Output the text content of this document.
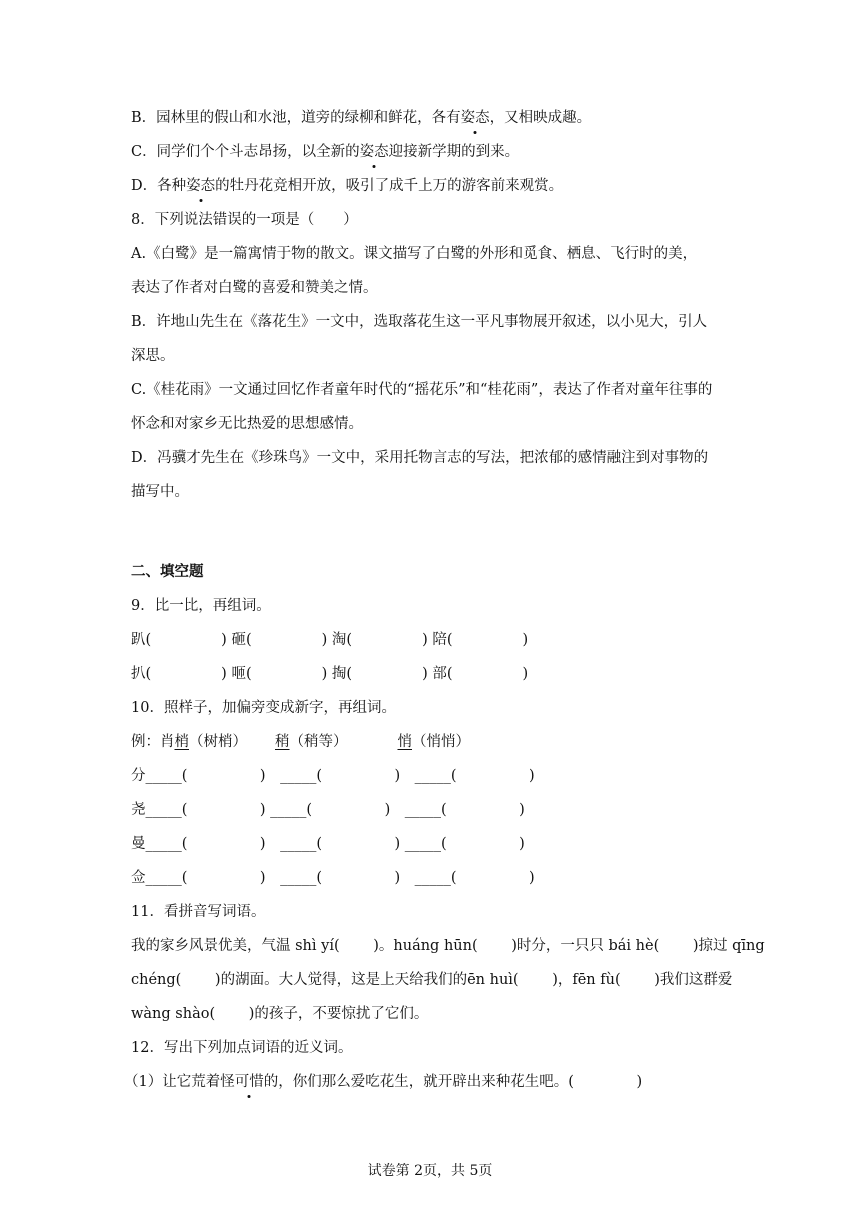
B．园林里的假山和水池，道旁的绿柳和鲜花，各有姿态，又相映成趣。
C．同学们个个斗志昂扬，以全新的姿态迎接新学期的到来。
D．各种姿态的牡丹花竞相开放，吸引了成千上万的游客前来观赏。
8．下列说法错误的一项是（　　）
A.《白鹭》是一篇寓情于物的散文。课文描写了白鹭的外形和觅食、栖息、飞行时的美，
表达了作者对白鹭的喜爱和赞美之情。
B．许地山先生在《落花生》一文中，选取落花生这一平凡事物展开叙述，以小见大，引人
深思。
C.《桂花雨》一文通过回忆作者童年时代的“摇花乐”和“桂花雨”，表达了作者对童年往事的
怀念和对家乡无比热爱的思想感情。
D．冯骥才先生在《珍珠鸟》一文中，采用托物言志的写法，把浓郁的感情融注到对事物的
描写中。
二、填空题
9．比一比，再组词。
趴(	) 砸(	) 淘(	) 陪(	)
扒(	) 咂(	) 掏(	) 部(	)
10．照样子，加偏旁变成新字，再组词。
例：肖梢（树梢） 稍（稍等）	悄（悄悄）
分_____(　　　　　)　_____(　　　　　)　_____(　　　　　)
尧_____(　　　　　) _____(　　　　　)　_____(　　　　　)
曼_____(　　　　　)　_____(　　　　　) _____(　　　　　)
佥_____(　　　　　)　_____(　　　　　)　_____(　　　　　)
11．看拼音写词语。
我的家乡风景优美，气温 shì yí(　　 )。huáng hūn(　　 )时分，一只只 bái hè(　　 )掠过 qīng
chéng(　　 )的湖面。大人觉得，这是上天给我们的ēn huì(　　 )，fēn fù(　　 )我们这群爱
wàng shào(　　 )的孩子，不要惊扰了它们。
12．写出下列加点词语的近义词。
（1）让它荒着怪可惜的，你们那么爱吃花生，就开辟出来种花生吧。(　　　　 )
试卷第 2页，共 5页
